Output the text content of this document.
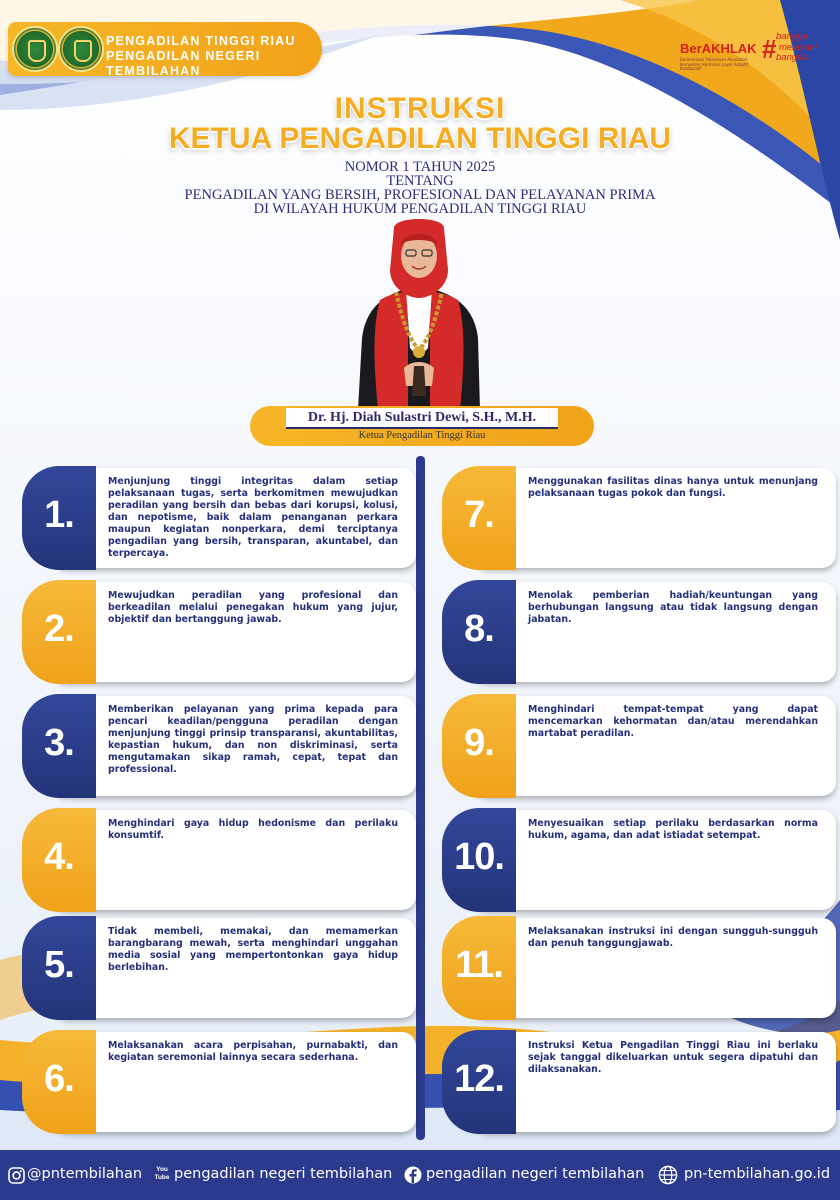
PENGADILAN TINGGI RIAU
PENGADILAN NEGERI TEMBILAHAN
BerAKHLAK
Berorientasi Pelayanan Akuntabel Kompeten Harmonis Loyal Adaptif Kolaboratif
# bangga
melayani
bangsa
INSTRUKSI
KETUA PENGADILAN TINGGI RIAU
NOMOR 1 TAHUN 2025
TENTANG
PENGADILAN YANG BERSIH, PROFESIONAL DAN PELAYANAN PRIMA
DI WILAYAH HUKUM PENGADILAN TINGGI RIAU
Dr. Hj. Diah Sulastri Dewi, S.H., M.H.
Ketua Pengadilan Tinggi Riau
1.
Menjunjung tinggi integritas dalam setiap pelaksanaan tugas, serta berkomitmen mewujudkan peradilan yang bersih dan bebas dari korupsi, kolusi, dan nepotisme, baik dalam penanganan perkara maupun kegiatan nonperkara, demi terciptanya pengadilan yang bersih, transparan, akuntabel, dan terpercaya.
2.
Mewujudkan peradilan yang profesional dan berkeadilan melalui penegakan hukum yang jujur, objektif dan bertanggung jawab.
3.
Memberikan pelayanan yang prima kepada para pencari keadilan/pengguna peradilan dengan menjunjung tinggi prinsip transparansi, akuntabilitas, kepastian hukum, dan non diskriminasi, serta mengutamakan sikap ramah, cepat, tepat dan professional.
4.
Menghindari gaya hidup hedonisme dan perilaku konsumtif.
5.
Tidak membeli, memakai, dan memamerkan barangbarang mewah, serta menghindari unggahan media sosial yang mempertontonkan gaya hidup berlebihan.
6.
Melaksanakan acara perpisahan, purnabakti, dan kegiatan seremonial lainnya secara sederhana.
7.
Menggunakan fasilitas dinas hanya untuk menunjang pelaksanaan tugas pokok dan fungsi.
8.
Menolak pemberian hadiah/keuntungan yang berhubungan langsung atau tidak langsung dengan jabatan.
9.
Menghindari tempat-tempat yang dapat mencemarkan kehormatan dan/atau merendahkan martabat peradilan.
10.
Menyesuaikan setiap perilaku berdasarkan norma hukum, agama, dan adat istiadat setempat.
11.
Melaksanakan instruksi ini dengan sungguh-sungguh dan penuh tanggungjawab.
12.
Instruksi Ketua Pengadilan Tinggi Riau ini berlaku sejak tanggal dikeluarkan untuk segera dipatuhi dan dilaksanakan.
@pntembilahan	You Tube pengadilan negeri tembilahan pengadilan negeri tembilahan	pn-tembilahan.go.id
